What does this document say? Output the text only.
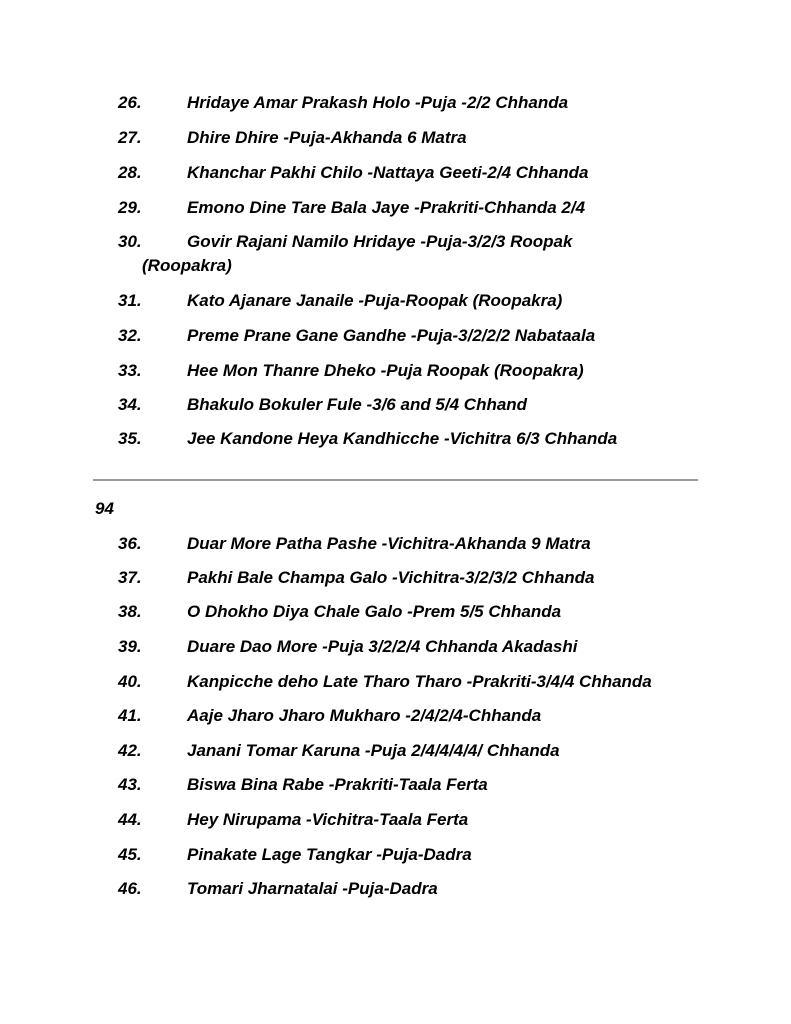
26.	Hridaye Amar Prakash Holo -Puja -2/2 Chhanda
27.	Dhire Dhire -Puja-Akhanda 6 Matra
28.	Khanchar Pakhi Chilo -Nattaya Geeti-2/4 Chhanda
29.	Emono Dine Tare Bala Jaye -Prakriti-Chhanda 2/4
30.	Govir Rajani Namilo Hridaye -Puja-3/2/3 Roopak
(Roopakra)
31.	Kato Ajanare Janaile -Puja-Roopak (Roopakra)
32.	Preme Prane Gane Gandhe -Puja-3/2/2/2 Nabataala
33.	Hee Mon Thanre Dheko -Puja Roopak (Roopakra)
34.	Bhakulo Bokuler Fule -3/6 and 5/4 Chhand
35.	Jee Kandone Heya Kandhicche -Vichitra 6/3 Chhanda
94
36.	Duar More Patha Pashe -Vichitra-Akhanda 9 Matra
37.	Pakhi Bale Champa Galo -Vichitra-3/2/3/2 Chhanda
38.	O Dhokho Diya Chale Galo -Prem 5/5 Chhanda
39.	Duare Dao More -Puja 3/2/2/4 Chhanda Akadashi
40.	Kanpicche deho Late Tharo Tharo -Prakriti-3/4/4 Chhanda
41.	Aaje Jharo Jharo Mukharo -2/4/2/4-Chhanda
42.	Janani Tomar Karuna -Puja 2/4/4/4/4/ Chhanda
43.	Biswa Bina Rabe -Prakriti-Taala Ferta
44.	Hey Nirupama -Vichitra-Taala Ferta
45.	Pinakate Lage Tangkar -Puja-Dadra
46.	Tomari Jharnatalai -Puja-Dadra
